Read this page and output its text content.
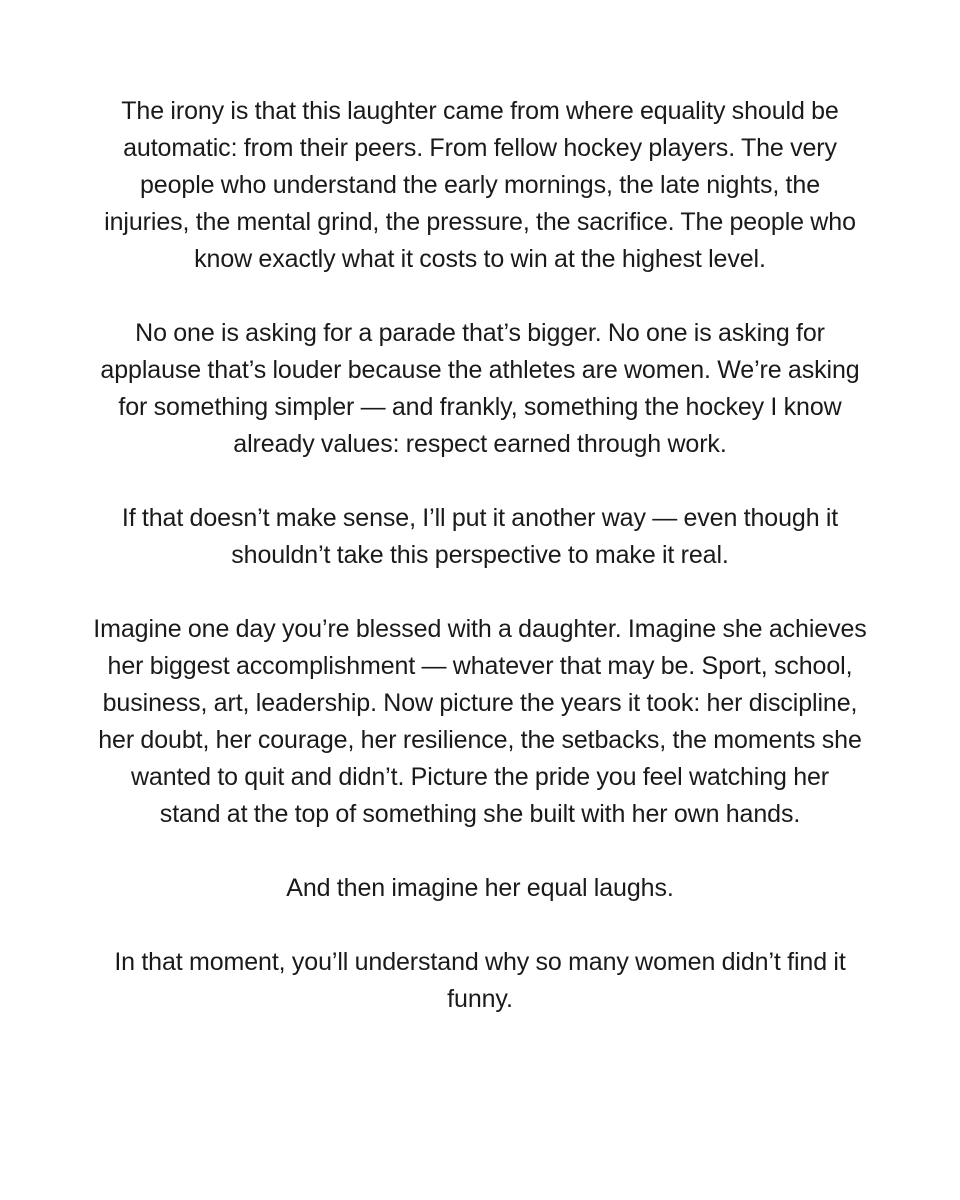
The irony is that this laughter came from where equality should be
automatic: from their peers. From fellow hockey players. The very
people who understand the early mornings, the late nights, the
injuries, the mental grind, the pressure, the sacrifice. The people who
know exactly what it costs to win at the highest level.

No one is asking for a parade that’s bigger. No one is asking for
applause that’s louder because the athletes are women. We’re asking
for something simpler — and frankly, something the hockey I know
already values: respect earned through work.

If that doesn’t make sense, I’ll put it another way — even though it
shouldn’t take this perspective to make it real.

Imagine one day you’re blessed with a daughter. Imagine she achieves
her biggest accomplishment — whatever that may be. Sport, school,
business, art, leadership. Now picture the years it took: her discipline,
her doubt, her courage, her resilience, the setbacks, the moments she
wanted to quit and didn’t. Picture the pride you feel watching her
stand at the top of something she built with her own hands.

And then imagine her equal laughs.

In that moment, you’ll understand why so many women didn’t find it
funny.
